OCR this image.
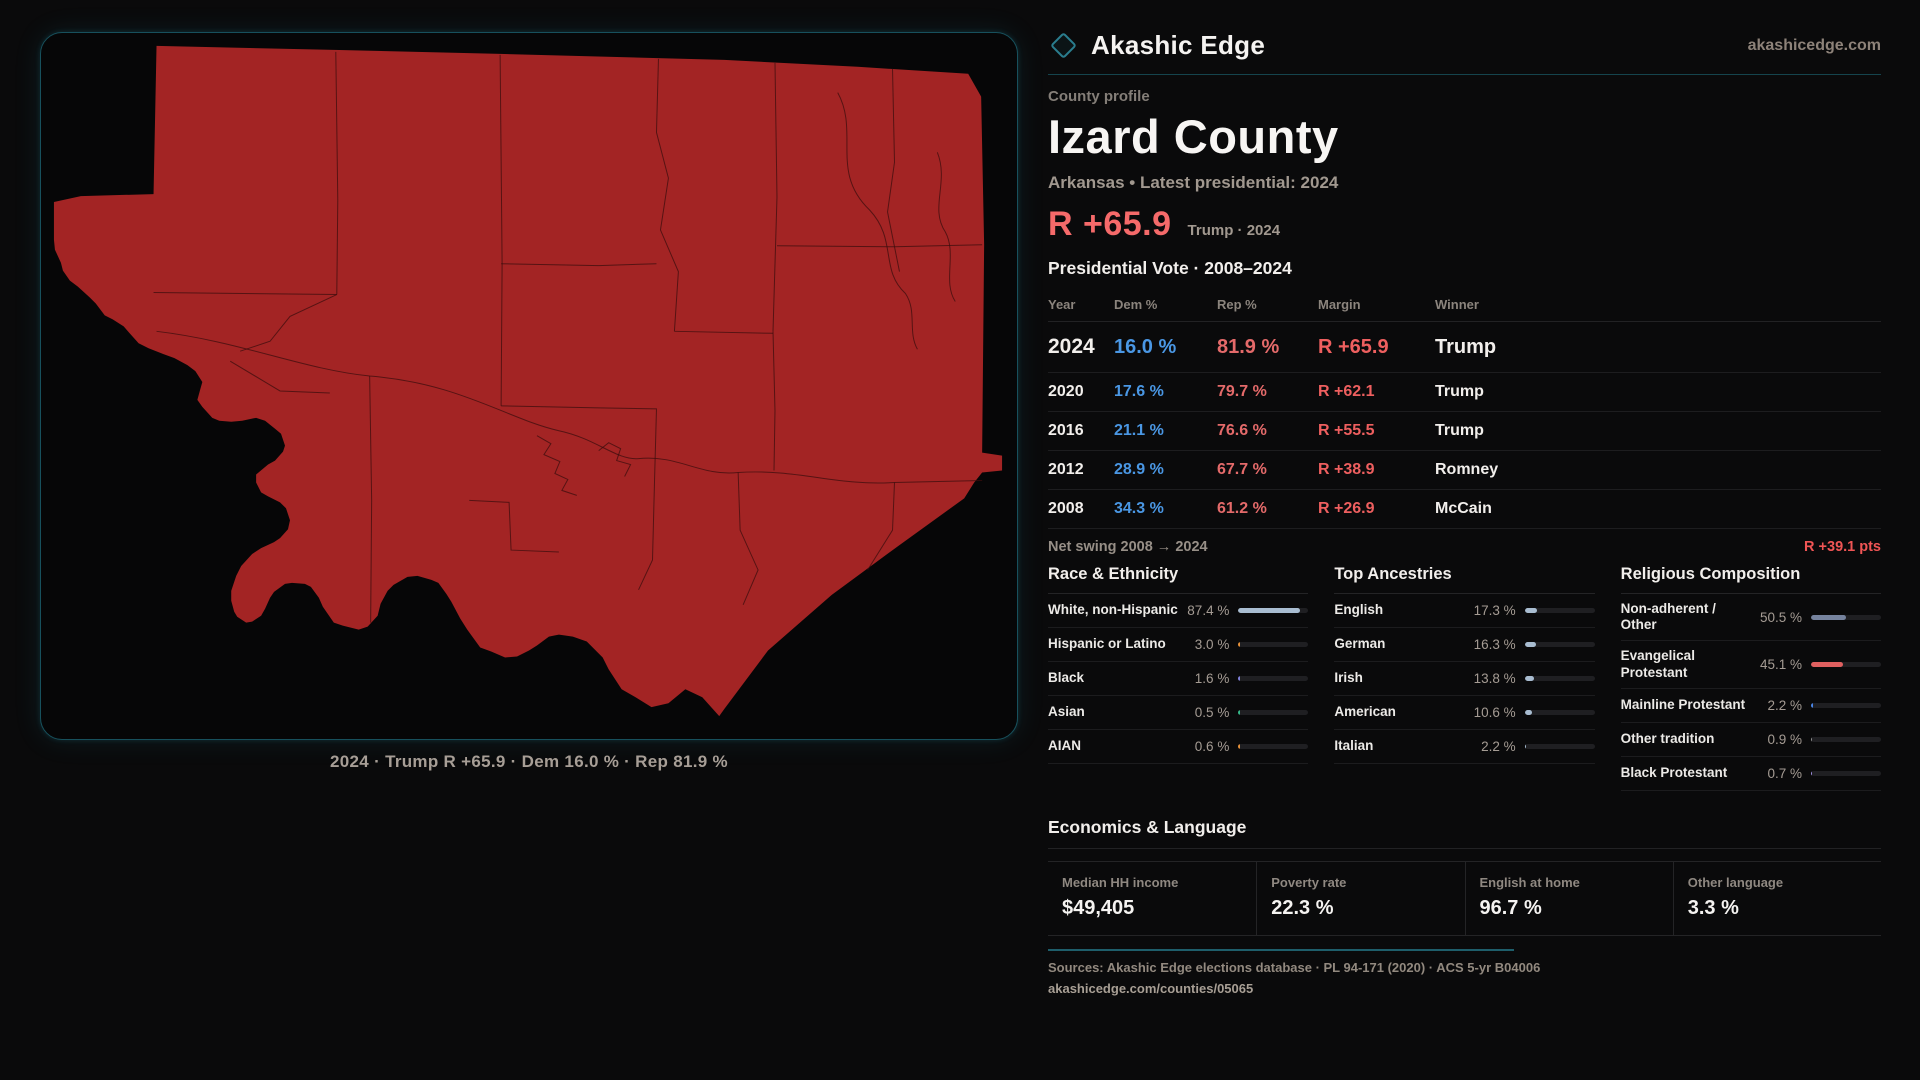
2024 · Trump R +65.9 · Dem 16.0 % · Rep 81.9 %
Akashic Edge	akashicedge.com
County profile
Izard County
Arkansas • Latest presidential: 2024
R +65.9 Trump · 2024
Presidential Vote · 2008–2024
Year	Dem %	Rep %	Margin	Winner
2024 16.0 %	81.9 %	R +65.9	Trump
2020	17.6 %	79.7 %	R +62.1	Trump
2016	21.1 %	76.6 %	R +55.5	Trump
2012	28.9 %	67.7 %	R +38.9	Romney
2008	34.3 %	61.2 %	R +26.9	McCain
Net swing 2008 → 2024	R +39.1 pts
Race & Ethnicity
White, non-Hispanic 87.4 %
Hispanic or Latino	3.0 %
Black	1.6 %
Asian	0.5 %
AIAN	0.6 %
Top Ancestries
English	17.3 %
German	16.3 %
Irish	13.8 %
American	10.6 %
Italian	2.2 %
Religious Composition
Non-adherent / Other	50.5 %
Evangelical Protestant	45.1 %
Mainline Protestant	2.2 %
Other tradition	0.9 %
Black Protestant	0.7 %
Economics & Language
Median HH income
$49,405
Poverty rate
22.3 %
English at home
96.7 %
Other language
3.3 %
Sources: Akashic Edge elections database · PL 94-171 (2020) · ACS 5-yr B04006
akashicedge.com/counties/05065
